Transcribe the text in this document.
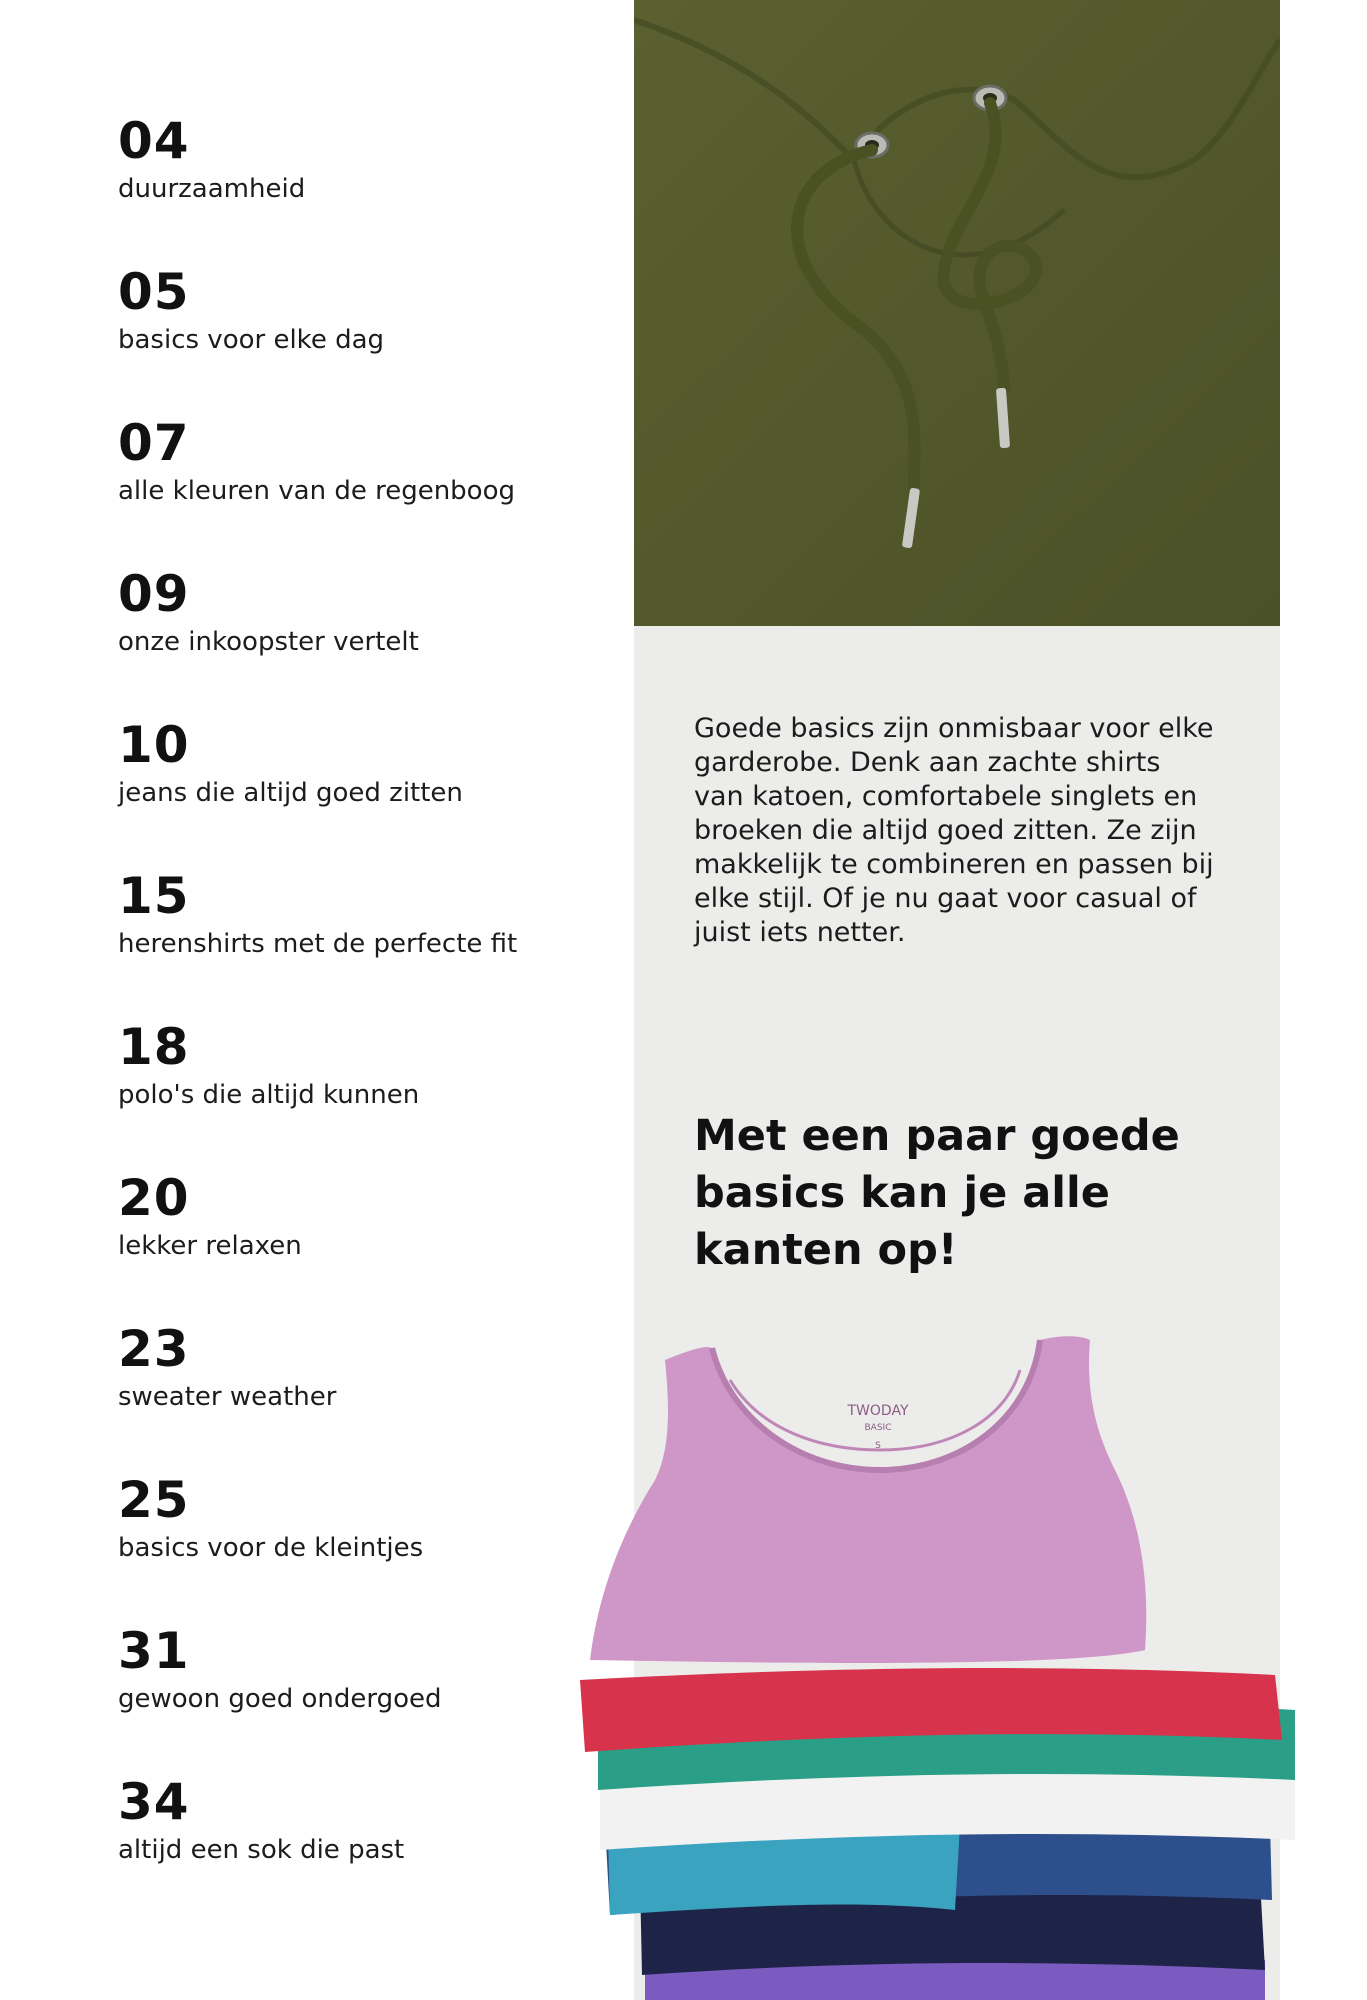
04
duurzaamheid
05
basics voor elke dag
07
alle kleuren van de regenboog
09
onze inkoopster vertelt
10
jeans die altijd goed zitten
15
herenshirts met de perfecte fit
18
polo's die altijd kunnen
20
lekker relaxen
23
sweater weather
25
basics voor de kleintjes
31
gewoon goed ondergoed
34
altijd een sok die past
Goede basics zijn onmisbaar voor elke garderobe. Denk aan zachte shirts van katoen, comfortabele singlets en broeken die altijd goed zitten. Ze zijn makkelijk te combineren en passen bij elke stijl. Of je nu gaat voor casual of juist iets netter.
Met een paar goede basics kan je alle kanten op!
TWODAY
BASIC
S
